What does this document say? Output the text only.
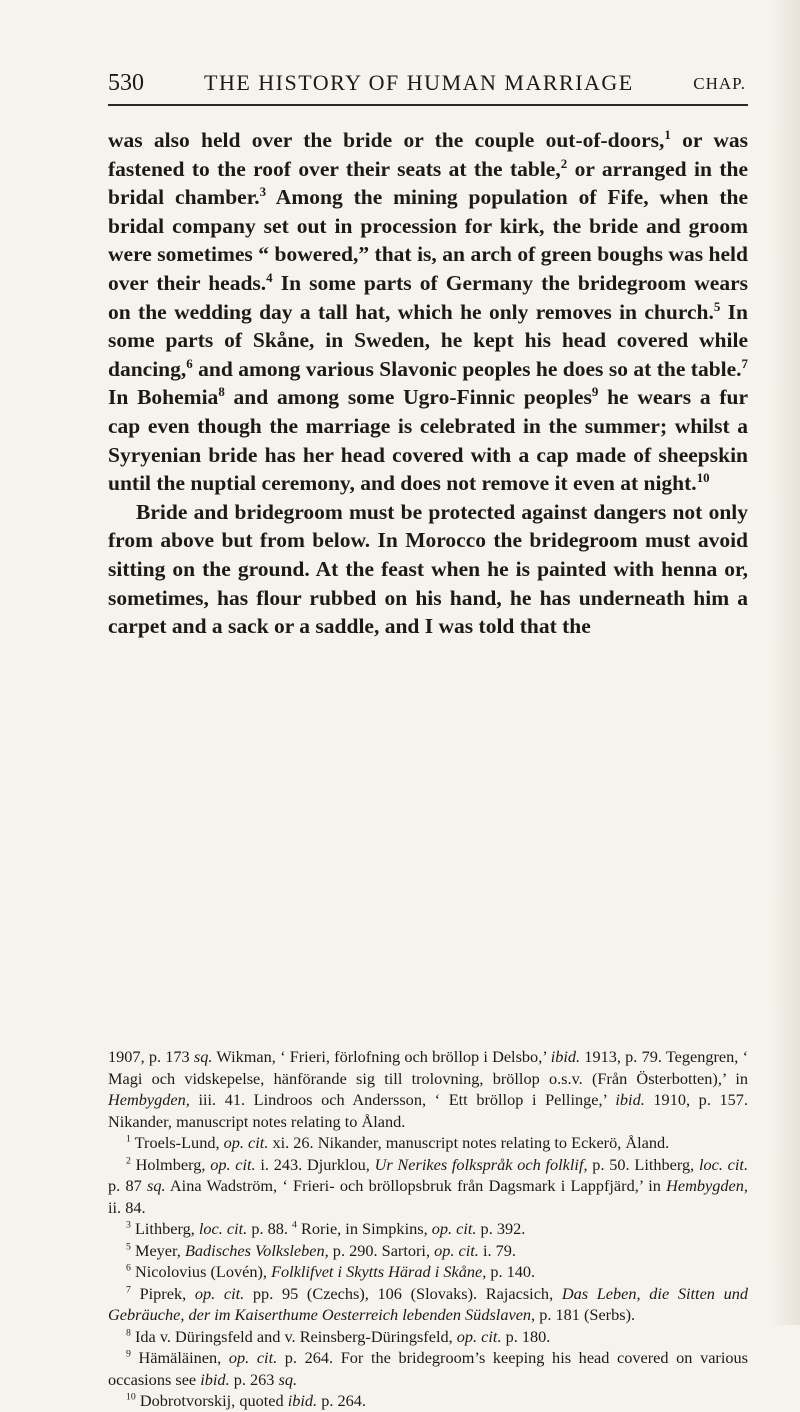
530	THE HISTORY OF HUMAN MARRIAGE	CHAP.

was also held over the bride or the couple out-of-doors,$^1$ or was fastened to the roof over their seats at the table,$^2$ or arranged in the bridal chamber.$^3$ Among the mining population of Fife, when the bridal company set out in procession for kirk, the bride and groom were sometimes “ bowered,” that is, an arch of green boughs was held over their heads.$^4$ In some parts of Germany the bridegroom wears on the wedding day a tall hat, which he only removes in church.$^5$ In some parts of Skåne, in Sweden, he kept his head covered while dancing,$^6$ and among various Slavonic peoples he does so at the table.$^7$ In Bohemia$^8$ and among some Ugro-Finnic peoples$^9$ he wears a fur cap even though the marriage is celebrated in the summer; whilst a Syryenian bride has her head covered with a cap made of sheepskin until the nuptial ceremony, and does not remove it even at night.$^{10}$

Bride and bridegroom must be protected against dangers not only from above but from below. In Morocco the bridegroom must avoid sitting on the ground. At the feast when he is painted with henna or, sometimes, has flour rubbed on his hand, he has underneath him a carpet and a sack or a saddle, and I was told that the

1907, p. 173 sq. Wikman, ‘ Frieri, förlofning och bröllop i Delsbo,’ ibid. 1913, p. 79. Tegengren, ‘ Magi och vidskepelse, hänförande sig till trolovning, bröllop o.s.v. (Från Österbotten),’ in Hembygden, iii. 41. Lindroos och Andersson, ‘ Ett bröllop i Pellinge,’ ibid. 1910, p. 157. Nikander, manuscript notes relating to Åland.

$^1$ Troels-Lund, op. cit. xi. 26. Nikander, manuscript notes relating to Eckerö, Åland.

$^2$ Holmberg, op. cit. i. 243. Djurklou, Ur Nerikes folkspråk och folklif, p. 50. Lithberg, loc. cit. p. 87 sq. Aina Wadström, ‘ Frieri- och bröllopsbruk från Dagsmark i Lappfjärd,’ in Hembygden, ii. 84.

$^3$ Lithberg, loc. cit. p. 88. $^4$ Rorie, in Simpkins, op. cit. p. 392.

$^5$ Meyer, Badisches Volksleben, p. 290. Sartori, op. cit. i. 79.

$^6$ Nicolovius (Lovén), Folklifvet i Skytts Härad i Skåne, p. 140.

$^7$ Piprek, op. cit. pp. 95 (Czechs), 106 (Slovaks). Rajacsich, Das Leben, die Sitten und Gebräuche, der im Kaiserthume Oesterreich lebenden Südslaven, p. 181 (Serbs).

$^8$ Ida v. Düringsfeld and v. Reinsberg-Düringsfeld, op. cit. p. 180.

$^9$ Hämäläinen, op. cit. p. 264. For the bridegroom’s keeping his head covered on various occasions see ibid. p. 263 sq.

$^{10}$ Dobrotvorskij, quoted ibid. p. 264.
